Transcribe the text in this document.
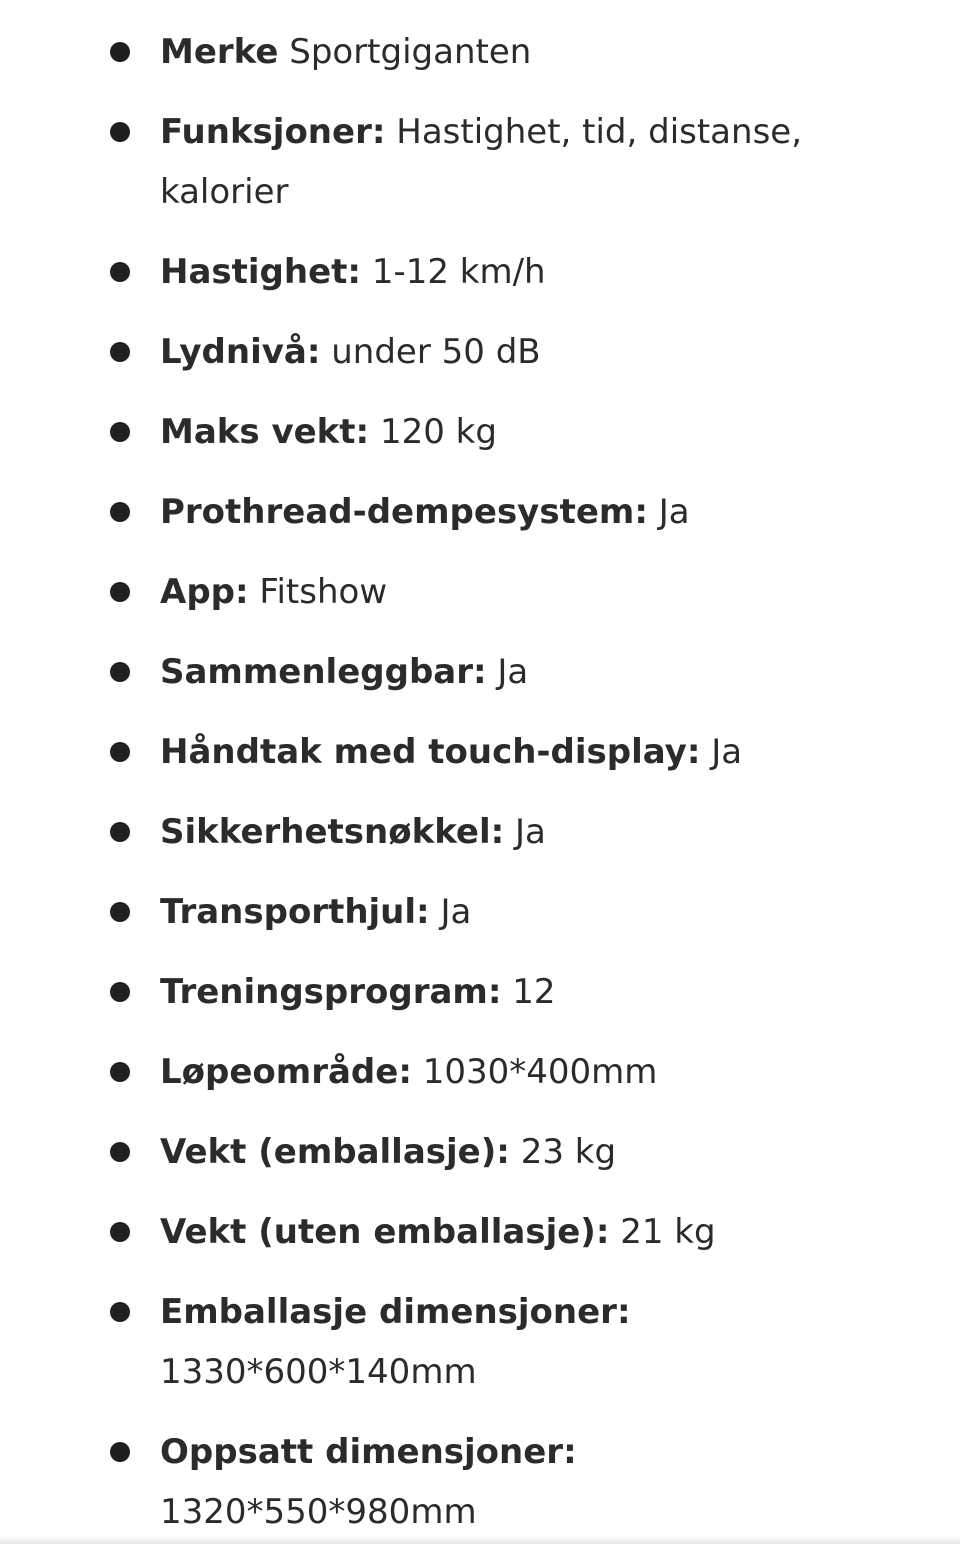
Merke Sportgiganten
Funksjoner: Hastighet, tid, distanse, kalorier
Hastighet: 1-12 km/h
Lydnivå: under 50 dB
Maks vekt: 120 kg
Prothread-dempesystem: Ja
App: Fitshow
Sammenleggbar: Ja
Håndtak med touch-display: Ja
Sikkerhetsnøkkel: Ja
Transporthjul: Ja
Treningsprogram: 12
Løpeområde: 1030*400mm
Vekt (emballasje): 23 kg
Vekt (uten emballasje): 21 kg
Emballasje dimensjoner:
1330*600*140mm
Oppsatt dimensjoner:
1320*550*980mm
